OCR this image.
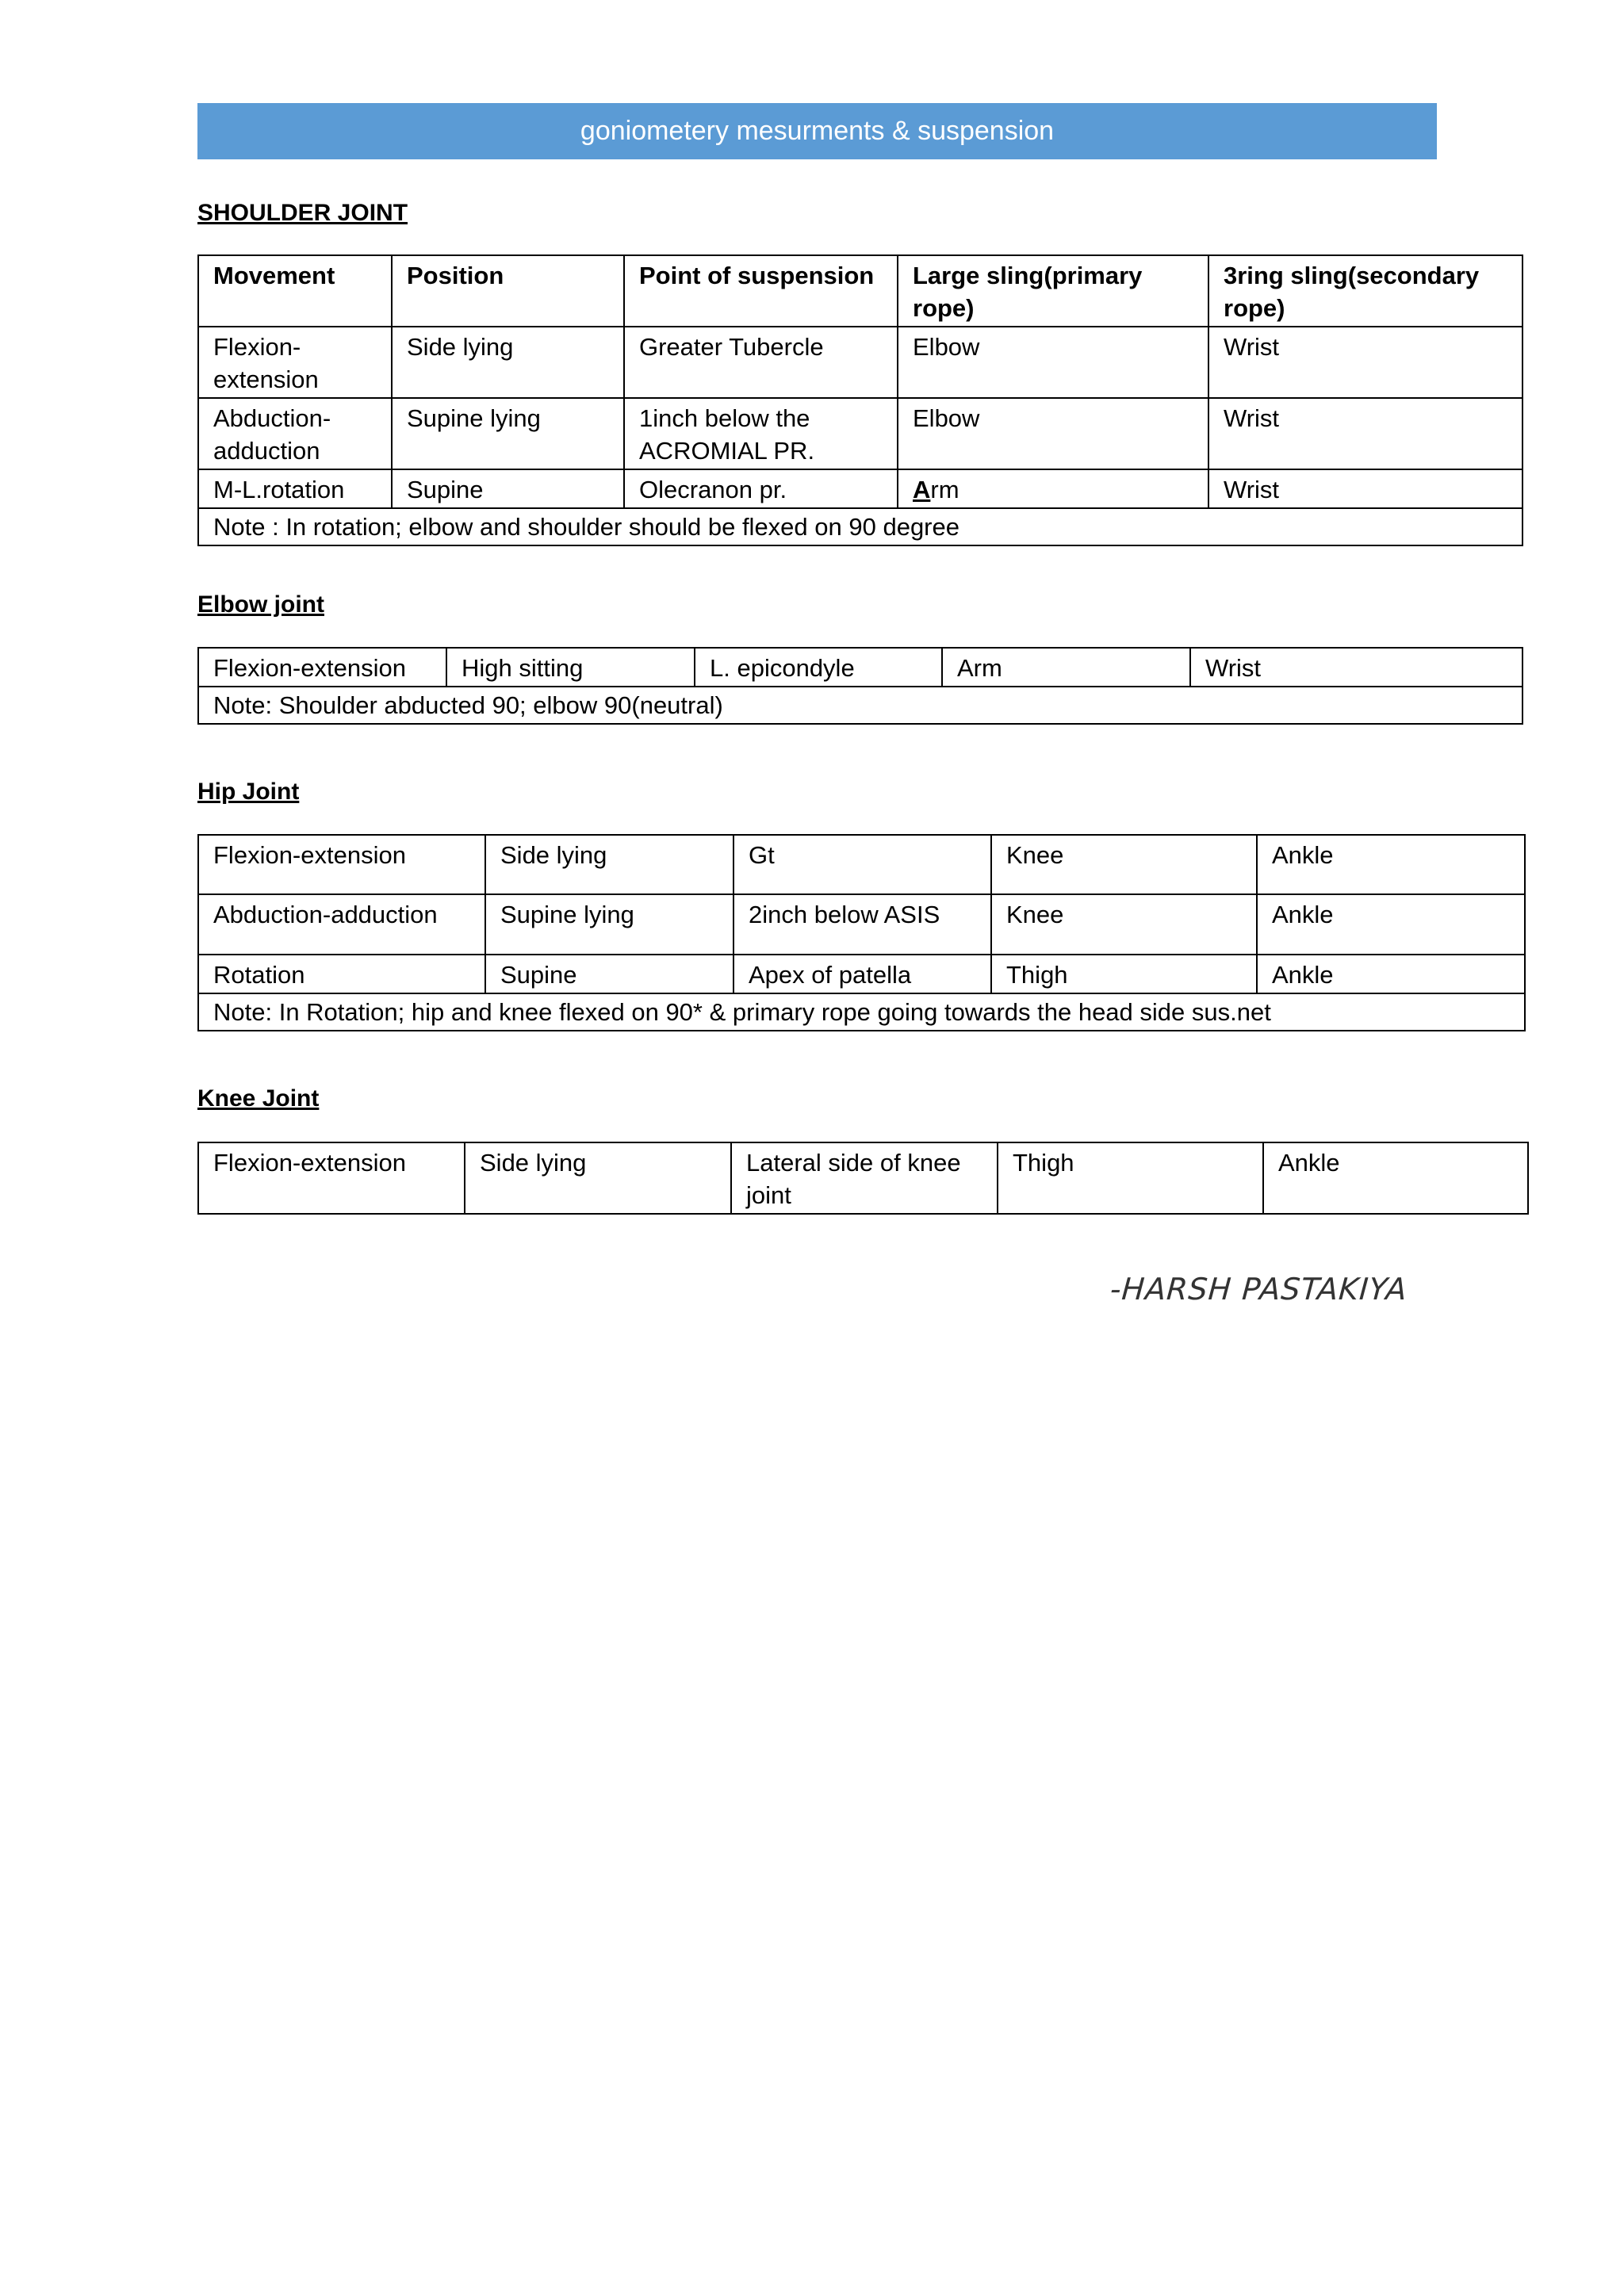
goniometery mesurments & suspension
SHOULDER JOINT
Movement	Position	Point of suspension	Large sling(primary rope)	3ring sling(secondary rope)
Flexion-extension	Side lying	Greater Tubercle	Elbow	Wrist
Abduction-adduction	Supine lying	1inch below the ACROMIAL PR.	Elbow	Wrist
M-L.rotation	Supine	Olecranon pr.	Arm	Wrist
Note : In rotation; elbow and shoulder should be flexed on 90 degree				
Elbow joint
Flexion-extension	High sitting	L. epicondyle	Arm	Wrist
Note: Shoulder abducted 90; elbow 90(neutral)
Hip Joint
Flexion-extension	Side lying	Gt	Knee	Ankle
Abduction-adduction	Supine lying	2inch below ASIS	Knee	Ankle
Rotation	Supine	Apex of patella	Thigh	Ankle
Note: In Rotation; hip and knee flexed on 90* & primary rope going towards the head side sus.net				
Knee Joint
Flexion-extension	Side lying	Lateral side of knee joint	Thigh	Ankle
-HARSH PASTAKIYA
